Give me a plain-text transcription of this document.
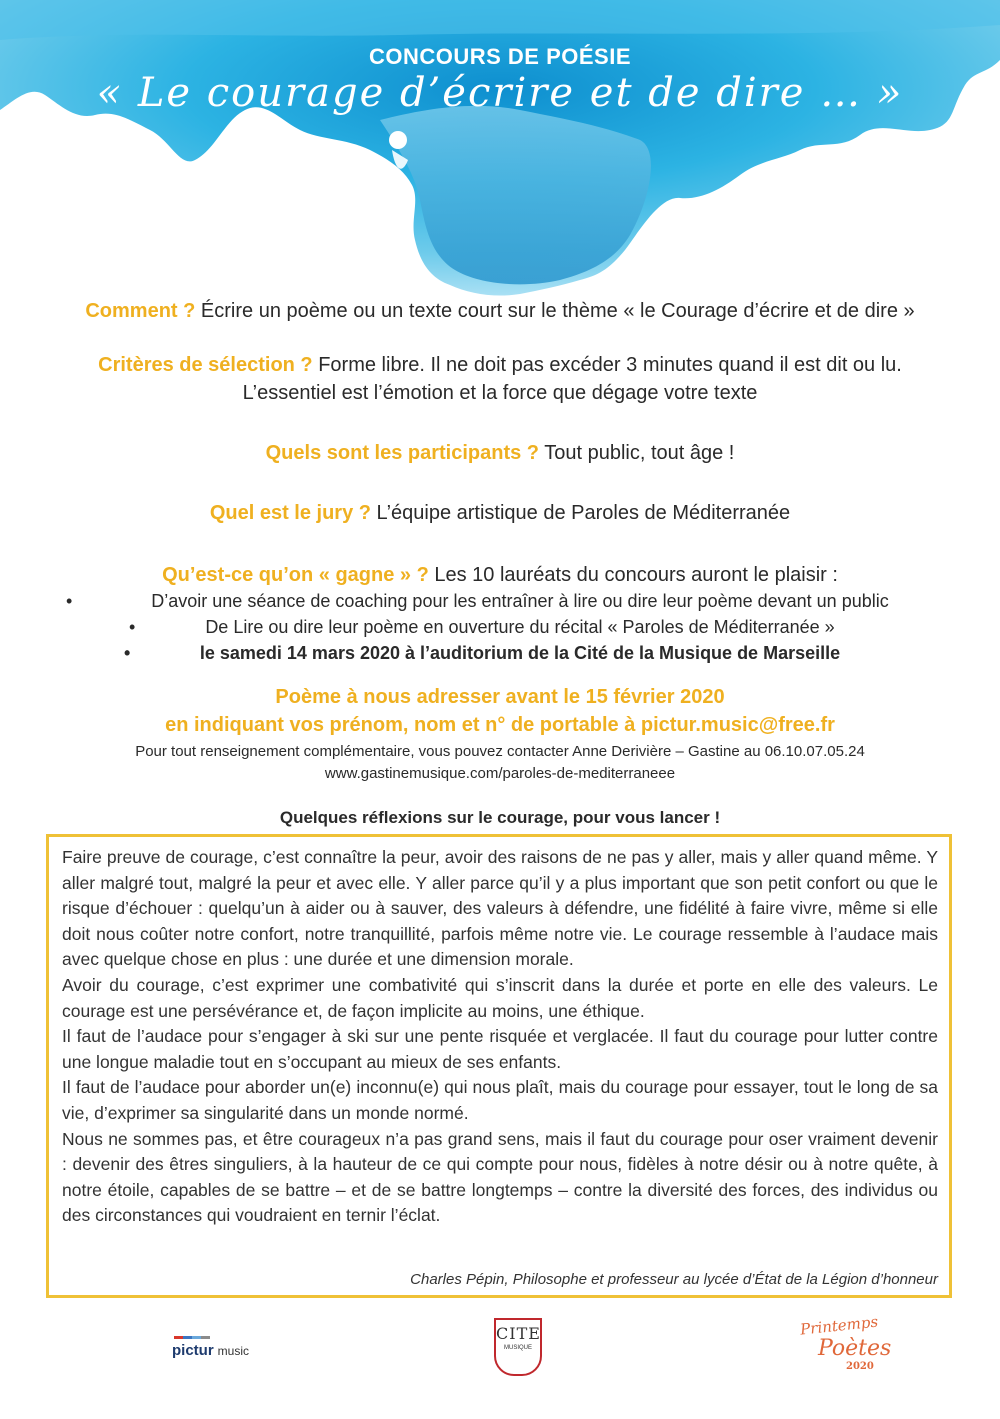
CONCOURS DE POÉSIE
« Le courage d’écrire et de dire … »
Comment ? Écrire un poème ou un texte court sur le thème « le Courage d’écrire et de dire »
Critères de sélection ? Forme libre. Il ne doit pas excéder 3 minutes quand il est dit ou lu.
L’essentiel est l’émotion et la force que dégage votre texte
Quels sont les participants ? Tout public, tout âge !
Quel est le jury ? L’équipe artistique de Paroles de Méditerranée
Qu’est-ce qu’on « gagne » ? Les 10 lauréats du concours auront le plaisir :
•	D’avoir une séance de coaching pour les entraîner à lire ou dire leur poème devant un public
•	De Lire ou dire leur poème en ouverture du récital « Paroles de Méditerranée »
•	le samedi 14 mars 2020 à l’auditorium de la Cité de la Musique de Marseille
Poème à nous adresser avant le 15 février 2020
en indiquant vos prénom, nom et n° de portable à pictur.music@free.fr
Pour tout renseignement complémentaire, vous pouvez contacter Anne Derivière – Gastine au 06.10.07.05.24
www.gastinemusique.com/paroles-de-mediterraneee
Quelques réflexions sur le courage, pour vous lancer !

Faire preuve de courage, c’est connaître la peur, avoir des raisons de ne pas y aller, mais y aller quand même. Y aller malgré tout, malgré la peur et avec elle. Y aller parce qu’il y a plus important que son petit confort ou que le risque d’échouer : quelqu’un à aider ou à sauver, des valeurs à défendre, une fidélité à faire vivre, même si elle doit nous coûter notre confort, notre tranquillité, parfois même notre vie. Le courage ressemble à l’audace mais avec quelque chose en plus : une durée et une dimension morale.

Avoir du courage, c’est exprimer une combativité qui s’inscrit dans la durée et porte en elle des valeurs. Le courage est une persévérance et, de façon implicite au moins, une éthique.

Il faut de l’audace pour s’engager à ski sur une pente risquée et verglacée. Il faut du courage pour lutter contre une longue maladie tout en s’occupant au mieux de ses enfants.

Il faut de l’audace pour aborder un(e) inconnu(e) qui nous plaît, mais du courage pour essayer, tout le long de sa vie, d’exprimer sa singularité dans un monde normé.

Nous ne sommes pas, et être courageux n’a pas grand sens, mais il faut du courage pour oser vraiment devenir : devenir des êtres singuliers, à la hauteur de ce qui compte pour nous, fidèles à notre désir ou à notre quête, à notre étoile, capables de se battre – et de se battre longtemps – contre la diversité des forces, des individus ou des circonstances qui voudraient en ternir l’éclat.

Charles Pépin, Philosophe et professeur au lycée d’État de la Légion d’honneur
pictur music
CITE
MUSIQUE
Printemps
Poètes
2020
